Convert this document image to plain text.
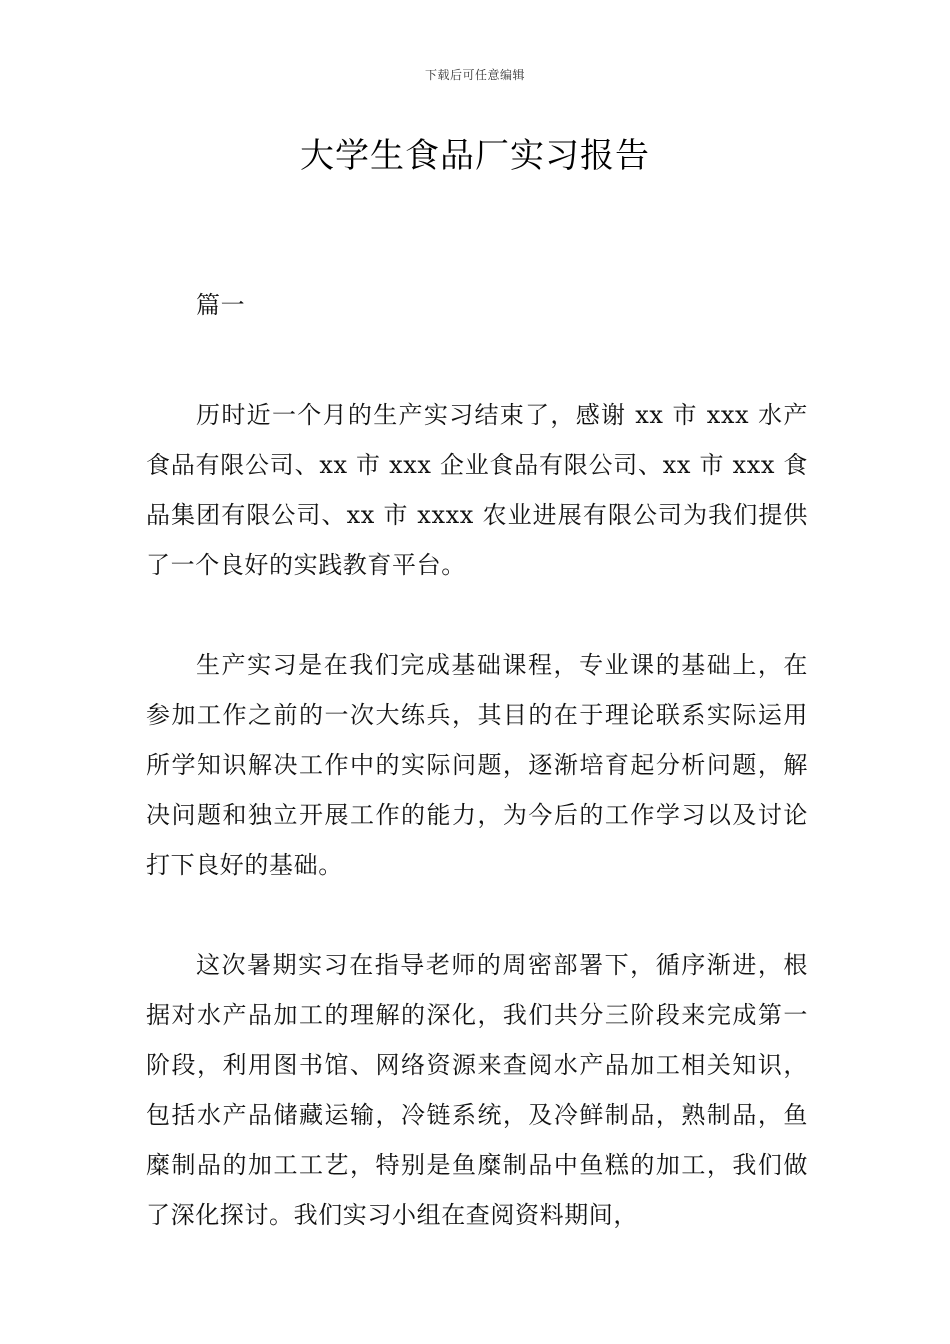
下载后可任意编辑
大学生食品厂实习报告

篇一

历时近一个月的生产实习结束了，感谢 xx 市 xxx 水产食品有限公司、xx 市 xxx 企业食品有限公司、xx 市 xxx 食品集团有限公司、xx 市 xxxx 农业进展有限公司为我们提供了一个良好的实践教育平台。

生产实习是在我们完成基础课程，专业课的基础上，在参加工作之前的一次大练兵，其目的在于理论联系实际运用所学知识解决工作中的实际问题，逐渐培育起分析问题，解决问题和独立开展工作的能力，为今后的工作学习以及讨论打下良好的基础。

这次暑期实习在指导老师的周密部署下，循序渐进，根据对水产品加工的理解的深化，我们共分三阶段来完成第一阶段，利用图书馆、网络资源来查阅水产品加工相关知识，包括水产品储藏运输，冷链系统，及冷鲜制品，熟制品，鱼糜制品的加工工艺，特别是鱼糜制品中鱼糕的加工，我们做了深化探讨。我们实习小组在查阅资料期间，
